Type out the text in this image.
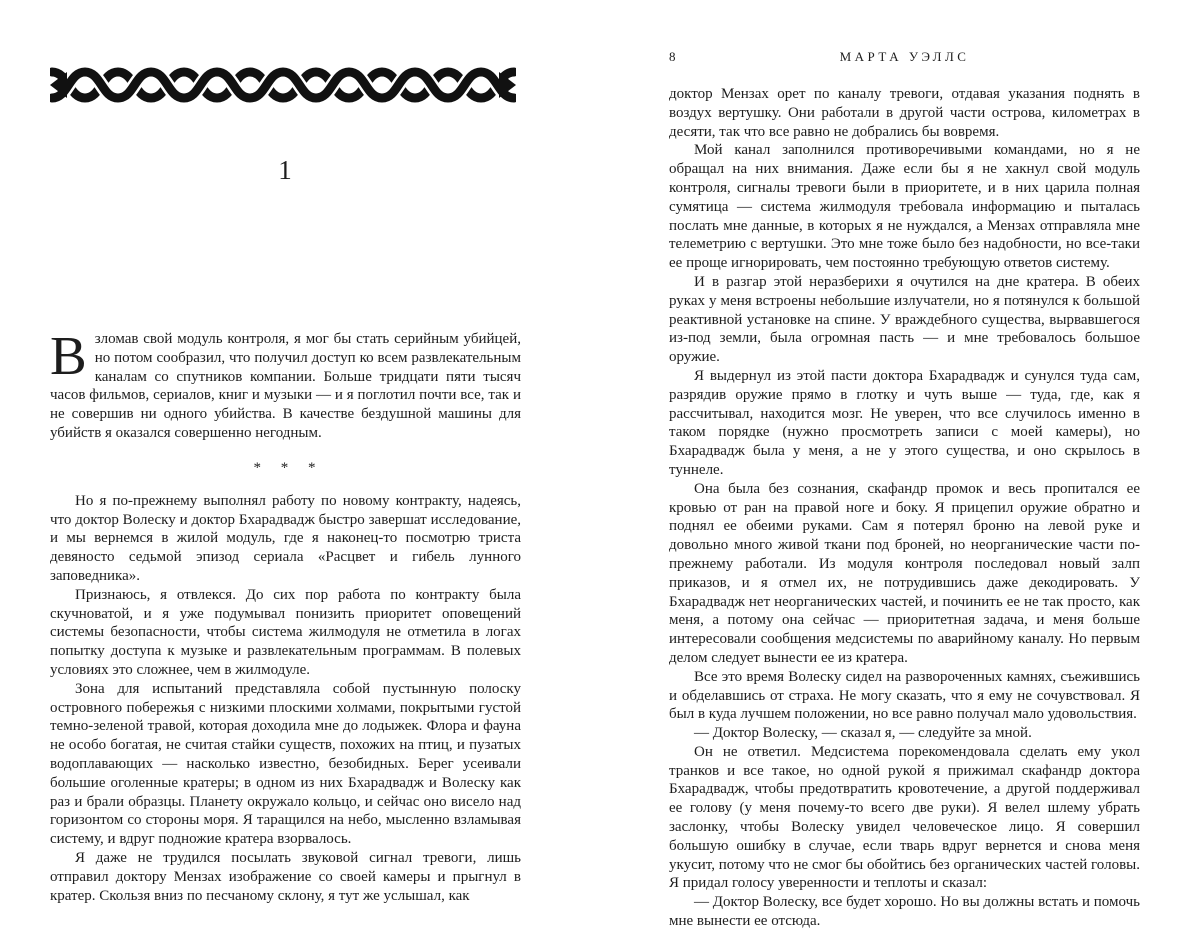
1

Взломав свой модуль контроля, я мог бы стать серийным убийцей, но потом сообразил, что получил доступ ко всем развлекательным каналам со спутников компании. Больше тридцати пяти тысяч часов фильмов, сериалов, книг и музыки — и я поглотил почти все, так и не совершив ни одного убийства. В качестве бездушной машины для убийств я оказался совершенно негодным.

* * *

Но я по-прежнему выполнял работу по новому контракту, надеясь, что доктор Волеску и доктор Бхарадвадж быстро завершат исследование, и мы вернемся в жилой модуль, где я наконец-то посмотрю триста девяносто седьмой эпизод сериала «Расцвет и гибель лунного заповедника».

Признаюсь, я отвлекся. До сих пор работа по контракту была скучноватой, и я уже подумывал понизить приоритет оповещений системы безопасности, чтобы система жилмодуля не отметила в логах попытку доступа к музыке и развлекательным программам. В полевых условиях это сложнее, чем в жилмодуле.

Зона для испытаний представляла собой пустынную полоску островного побережья с низкими плоскими холмами, покрытыми густой темно-зеленой травой, которая доходила мне до лодыжек. Флора и фауна не особо богатая, не считая стайки существ, похожих на птиц, и пузатых водоплавающих — насколько известно, безобидных. Берег усеивали большие оголенные кратеры; в одном из них Бхарадвадж и Волеску как раз и брали образцы. Планету окружало кольцо, и сейчас оно висело над горизонтом со стороны моря. Я таращился на небо, мысленно взламывая систему, и вдруг подножие кратера взорвалось.

Я даже не трудился посылать звуковой сигнал тревоги, лишь отправил доктору Мензах изображение со своей камеры и прыгнул в кратер. Скользя вниз по песчаному склону, я тут же услышал, как

8	МАРТА УЭЛЛС

доктор Мензах орет по каналу тревоги, отдавая указания поднять в воздух вертушку. Они работали в другой части острова, километрах в десяти, так что все равно не добрались бы вовремя.

Мой канал заполнился противоречивыми командами, но я не обращал на них внимания. Даже если бы я не хакнул свой модуль контроля, сигналы тревоги были в приоритете, и в них царила полная сумятица — система жилмодуля требовала информацию и пыталась послать мне данные, в которых я не нуждался, а Мензах отправляла мне телеметрию с вертушки. Это мне тоже было без надобности, но все-таки ее проще игнорировать, чем постоянно требующую ответов систему.

И в разгар этой неразберихи я очутился на дне кратера. В обеих руках у меня встроены небольшие излучатели, но я потянулся к большой реактивной установке на спине. У враждебного существа, вырвавшегося из-под земли, была огромная пасть — и мне требовалось большое оружие.

Я выдернул из этой пасти доктора Бхарадвадж и сунулся туда сам, разрядив оружие прямо в глотку и чуть выше — туда, где, как я рассчитывал, находится мозг. Не уверен, что все случилось именно в таком порядке (нужно просмотреть записи с моей камеры), но Бхарадвадж была у меня, а не у этого существа, и оно скрылось в туннеле.

Она была без сознания, скафандр промок и весь пропитался ее кровью от ран на правой ноге и боку. Я прицепил оружие обратно и поднял ее обеими руками. Сам я потерял броню на левой руке и довольно много живой ткани под броней, но неорганические части по-прежнему работали. Из модуля контроля последовал новый залп приказов, и я отмел их, не потрудившись даже декодировать. У Бхарадвадж нет неорганических частей, и починить ее не так просто, как меня, а потому она сейчас — приоритетная задача, и меня больше интересовали сообщения медсистемы по аварийному каналу. Но первым делом следует вынести ее из кратера.

Все это время Волеску сидел на развороченных камнях, съежившись и обделавшись от страха. Не могу сказать, что я ему не сочувствовал. Я был в куда лучшем положении, но все равно получал мало удовольствия.

— Доктор Волеску, — сказал я, — следуйте за мной.

Он не ответил. Медсистема порекомендовала сделать ему укол транков и все такое, но одной рукой я прижимал скафандр доктора Бхарадвадж, чтобы предотвратить кровотечение, а другой поддерживал ее голову (у меня почему-то всего две руки). Я велел шлему убрать заслонку, чтобы Волеску увидел человеческое лицо. Я совершил большую ошибку в случае, если тварь вдруг вернется и снова меня укусит, потому что не смог бы обойтись без органических частей головы. Я придал голосу уверенности и теплоты и сказал:

— Доктор Волеску, все будет хорошо. Но вы должны встать и помочь мне вынести ее отсюда.
